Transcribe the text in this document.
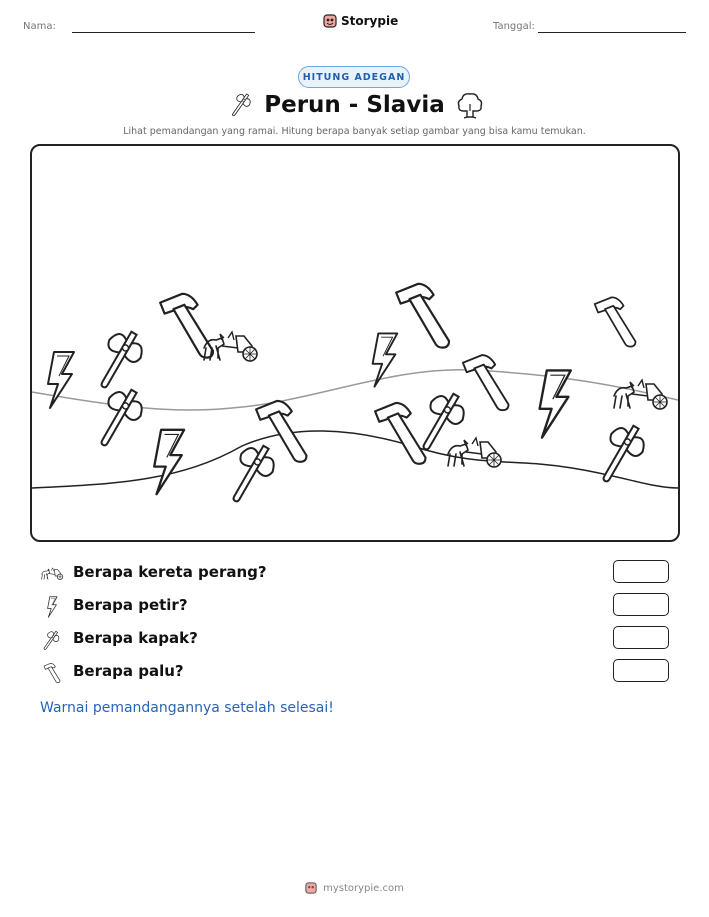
Nama:	Storypie	Tanggal:
HITUNG ADEGAN
Perun - Slavia
Lihat pemandangan yang ramai. Hitung berapa banyak setiap gambar yang bisa kamu temukan.
Berapa kereta perang?
Berapa petir?
Berapa kapak?
Berapa palu?
Warnai pemandangannya setelah selesai!
mystorypie.com
